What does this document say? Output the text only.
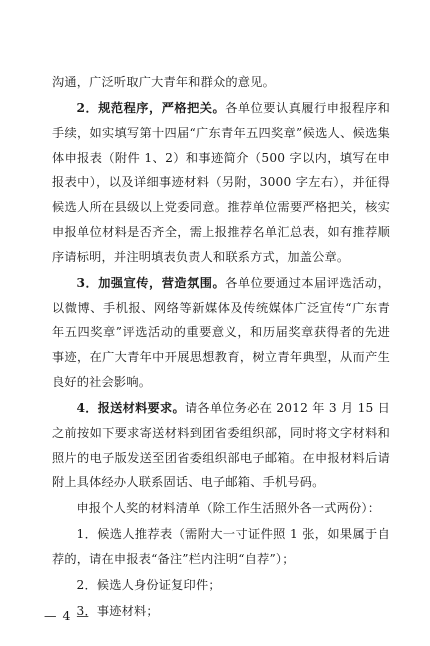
沟通，广泛听取广大青年和群众的意见。

2．规范程序，严格把关。各单位要认真履行申报程序和手续，如实填写第十四届“广东青年五四奖章”候选人、候选集体申报表（附件 1、2）和事迹简介（500 字以内，填写在申报表中），以及详细事迹材料（另附，3000 字左右），并征得候选人所在县级以上党委同意。推荐单位需要严格把关，核实申报单位材料是否齐全，需上报推荐名单汇总表，如有推荐顺序请标明，并注明填表负责人和联系方式，加盖公章。

3．加强宣传，营造氛围。各单位要通过本届评选活动，以微博、手机报、网络等新媒体及传统媒体广泛宣传“广东青年五四奖章”评选活动的重要意义，和历届奖章获得者的先进事迹，在广大青年中开展思想教育，树立青年典型，从而产生良好的社会影响。

4．报送材料要求。请各单位务必在 2012 年 3 月 15 日之前按如下要求寄送材料到团省委组织部，同时将文字材料和照片的电子版发送至团省委组织部电子邮箱。在申报材料后请附上具体经办人联系固话、电子邮箱、手机号码。

申报个人奖的材料清单（除工作生活照外各一式两份）：

1．候选人推荐表（需附大一寸证件照 1 张，如果属于自荐的，请在申报表“备注”栏内注明“自荐”）；

2．候选人身份证复印件；

3．事迹材料；

— 4 —
